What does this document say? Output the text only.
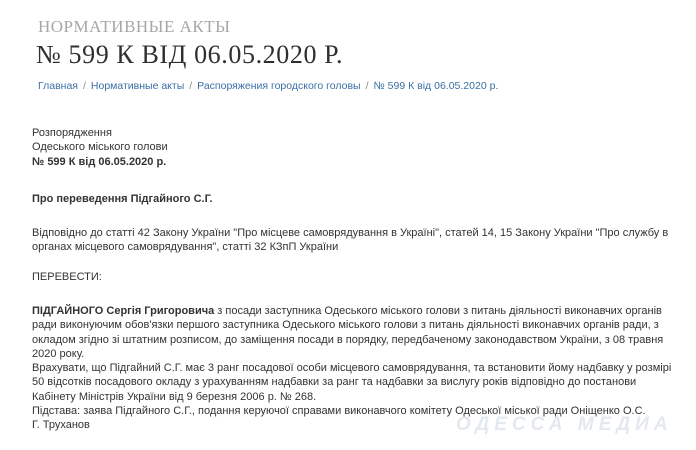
НОРМАТИВНЫЕ АКТЫ
№ 599 К ВІД 06.05.2020 Р.
Главная / Нормативные акты / Распоряжения городского головы / № 599 К від 06.05.2020 р.

Розпорядження

Одеського міського голови

№ 599 К від 06.05.2020 р.

Про переведення Підгайного С.Г.

Відповідно до статті 42 Закону України "Про місцеве самоврядування в Україні", статей 14, 15 Закону України "Про службу в органах місцевого самоврядування", статті 32 КЗпП України

ПЕРЕВЕСТИ:

ПІДГАЙНОГО Сергія Григоровича з посади заступника Одеського міського голови з питань діяльності виконавчих органів ради виконуючим обов'язки першого заступника Одеського міського голови з питань діяльності виконавчих органів ради, з окладом згідно зі штатним розписом, до заміщення посади в порядку, передбаченому законодавством України, з 08 травня 2020 року.

Врахувати, що Підгайний С.Г. має 3 ранг посадової особи місцевого самоврядування, та встановити йому надбавку у розмірі 50 відсотків посадового окладу з урахуванням надбавки за ранг та надбавки за вислугу років відповідно до постанови Кабінету Міністрів України від 9 березня 2006 р. № 268.

Підстава: заява Підгайного С.Г., подання керуючої справами виконавчого комітету Одеської міської ради Оніщенко О.С.

Г. Труханов	ОДЕССА МЕДИА
